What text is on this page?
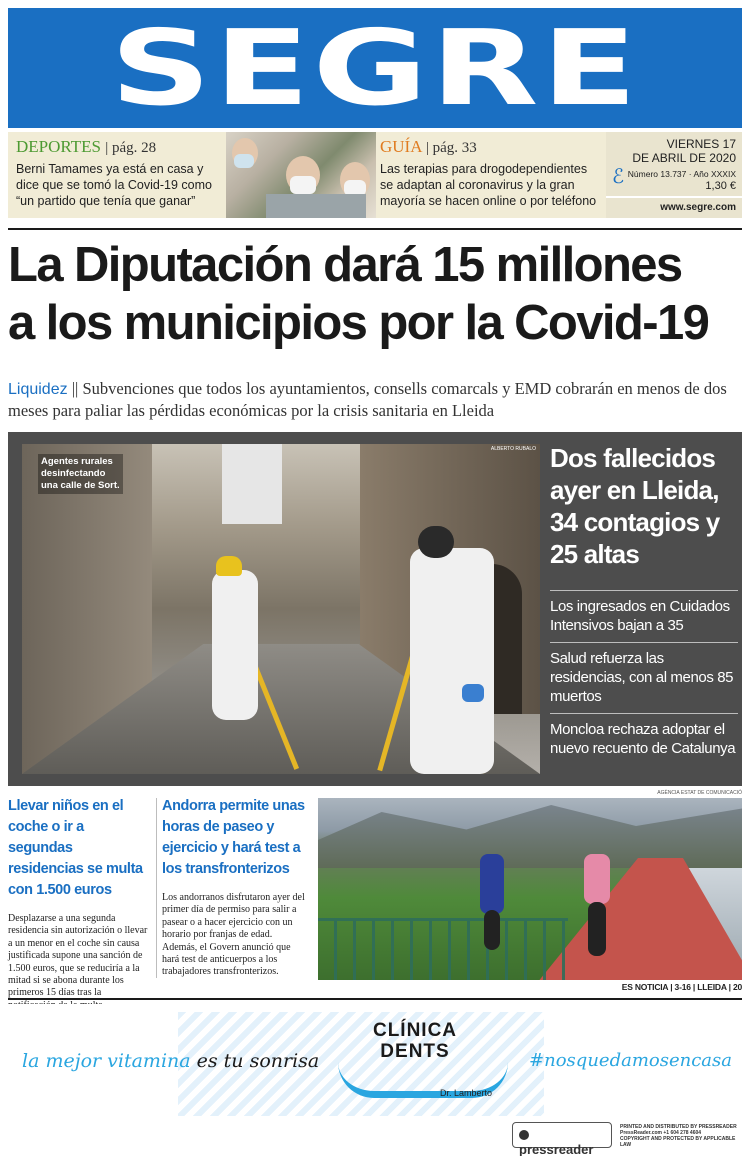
SEGRE
DEPORTES | pág. 28
Berni Tamames ya está en casa y dice que se tomó la Covid-19 como “un partido que tenía que ganar”
GUÍA | pág. 33
Las terapias para drogodependientes se adaptan al coronavirus y la gran mayoría se hacen online o por teléfono
VIERNES 17
DE ABRIL DE 2020
ℰ Número 13.737 · Año XXXIX
1,30 €
www.segre.com
La Diputación dará 15 millones
a los municipios por la Covid-19
Liquidez || Subvenciones que todos los ayuntamientos, consells comarcals y EMD cobrarán en menos de dos meses para paliar las pérdidas económicas por la crisis sanitaria en Lleida
Agentes rurales
desinfectando
una calle de Sort.
ALBERTO RUBALO Dos fallecidos ayer en Lleida, 34 contagios y 25 altas
Los ingresados en Cuidados Intensivos bajan a 35
Salud refuerza las residencias, con al menos 85 muertos
Moncloa rechaza adoptar el nuevo recuento de Catalunya
Llevar niños en el coche o ir a segundas residencias se multa con 1.500 euros
Desplazarse a una segunda residencia sin autorización o llevar a un menor en el coche sin causa justificada supone una sanción de 1.500 euros, que se reduciría a la mitad si se abona durante los primeros 15 días tras la
Andorra permite unas horas de paseo y ejercicio y hará test a los transfronterizos
Los andorranos disfrutaron ayer del primer día de permiso para salir a pasear o a hacer ejercicio con un horario por franjas de edad. Además, el Govern anunció que hará test de anticuerpos a los trabajadores transfronterizos.
AGÈNCIA ESTAT DE COMUNICACIÓ
ES NOTICIA | 3-16 | LLEIDA | 20
la mejor vitamina es tu sonrisa
CLÍNICA
DENTS
Dr. Lamberto
#nosquedamosencasa
pressreader
PRINTED AND DISTRIBUTED BY PRESSREADER
PressReader.com +1 604 278 4604
COPYRIGHT AND PROTECTED BY APPLICABLE LAW
